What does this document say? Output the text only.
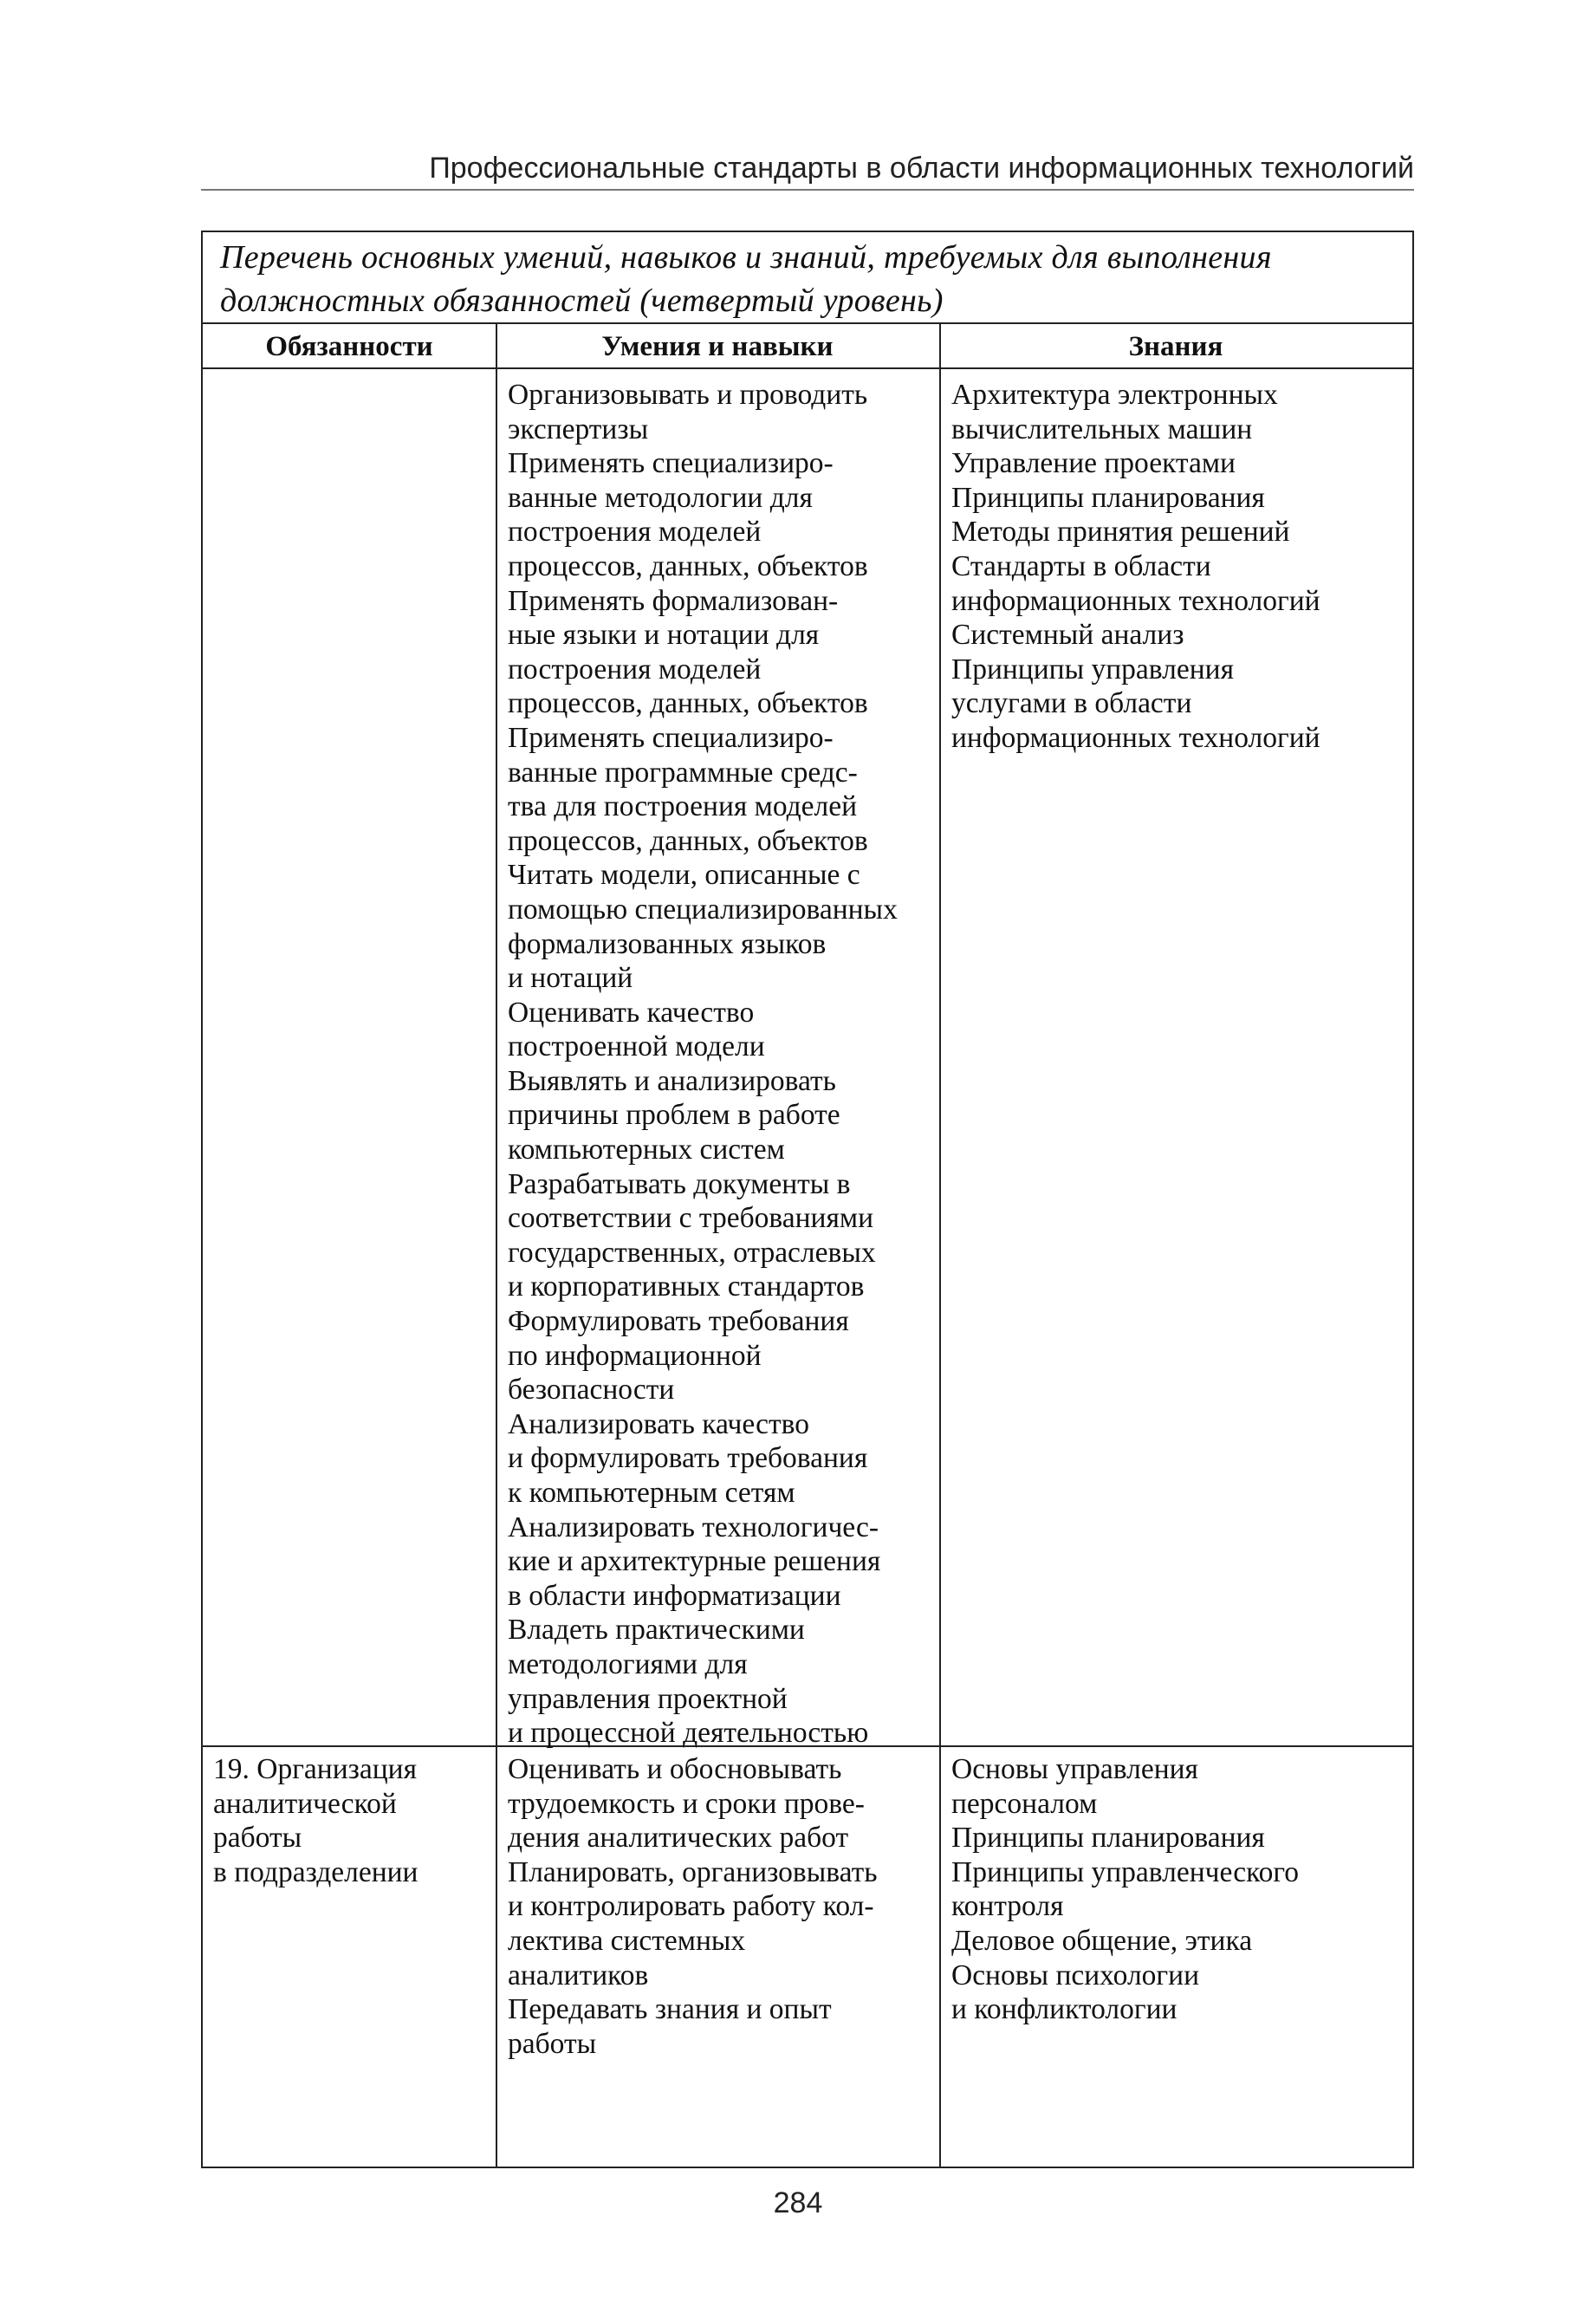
Профессиональные стандарты в области информационных технологий
Перечень основных умений, навыков и знаний, требуемых для выполнения
должностных обязанностей (четвертый уровень)
Обязанности	Умения и навыки	Знания
Организовывать и проводить
экспертизы
Применять специализиро-
ванные методологии для
построения моделей
процессов, данных, объектов
Применять формализован-
ные языки и нотации для
построения моделей
процессов, данных, объектов
Применять специализиро-
ванные программные средс-
тва для построения моделей
процессов, данных, объектов
Читать модели, описанные с
помощью специализированных
формализованных языков
и нотаций
Оценивать качество
построенной модели
Выявлять и анализировать
причины проблем в работе
компьютерных систем
Разрабатывать документы в
соответствии с требованиями
государственных, отраслевых
и корпоративных стандартов
Формулировать требования
по информационной
безопасности
Анализировать качество
и формулировать требования
к компьютерным сетям
Анализировать технологичес-
кие и архитектурные решения
в области информатизации
Владеть практическими
методологиями для
управления проектной
и процессной деятельностью
Архитектура электронных
вычислительных машин
Управление проектами
Принципы планирования
Методы принятия решений
Стандарты в области
информационных технологий
Системный анализ
Принципы управления
услугами в области
информационных технологий
19. Организация
аналитической
работы
в подразделении
Оценивать и обосновывать
трудоемкость и сроки прове-
дения аналитических работ
Планировать, организовывать
и контролировать работу кол-
лектива системных
аналитиков
Передавать знания и опыт
работы
Основы управления
персоналом
Принципы планирования
Принципы управленческого
контроля
Деловое общение, этика
Основы психологии
и конфликтологии
284
